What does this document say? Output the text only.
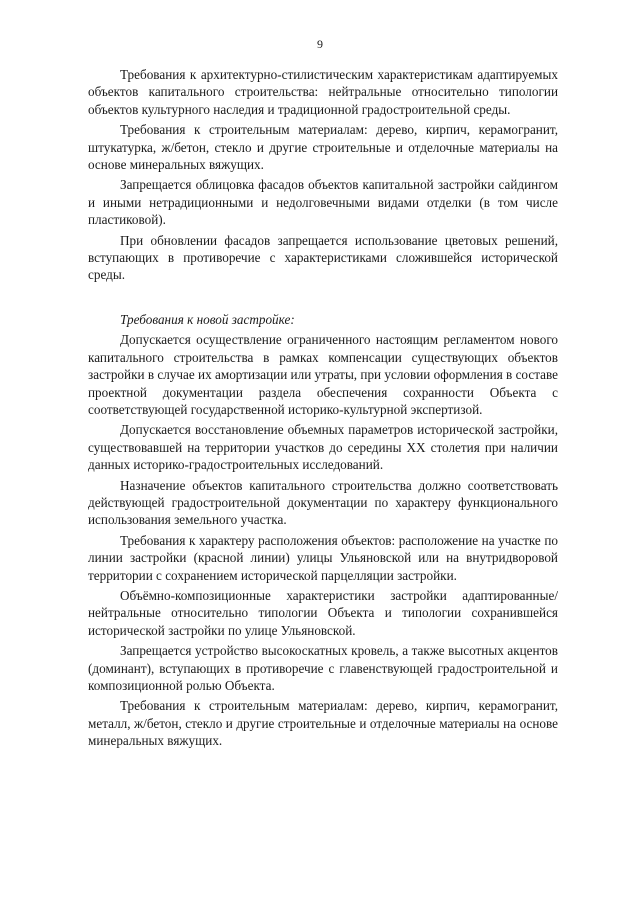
9

Требования к архитектурно-стилистическим характеристикам адаптируемых объектов капитального строительства: нейтральные относительно типологии объектов культурного наследия и традиционной градостроительной среды.

Требования к строительным материалам: дерево, кирпич, керамогранит, штукатурка, ж/бетон, стекло и другие строительные и отделочные материалы на основе минеральных вяжущих.

Запрещается облицовка фасадов объектов капитальной застройки сайдингом и иными нетрадиционными и недолговечными видами отделки (в том числе пластиковой).

При обновлении фасадов запрещается использование цветовых решений, вступающих в противоречие с характеристиками сложившейся исторической среды.

Требования к новой застройке:

Допускается осуществление ограниченного настоящим регламентом нового капитального строительства в рамках компенсации существующих объектов застройки в случае их амортизации или утраты, при условии оформления в составе проектной документации раздела обеспечения сохранности Объекта с соответствующей государственной историко-культурной экспертизой.

Допускается восстановление объемных параметров исторической застройки, существовавшей на территории участков до середины XX столетия при наличии данных историко-градостроительных исследований.

Назначение объектов капитального строительства должно соответствовать действующей градостроительной документации по характеру функционального использования земельного участка.

Требования к характеру расположения объектов: расположение на участке по линии застройки (красной линии) улицы Ульяновской или на внутридворовой территории с сохранением исторической парцелляции застройки.

Объёмно-композиционные характеристики застройки адаптированные/ нейтральные относительно типологии Объекта и типологии сохранившейся исторической застройки по улице Ульяновской.

Запрещается устройство высокоскатных кровель, а также высотных акцентов (доминант), вступающих в противоречие с главенствующей градостроительной и композиционной ролью Объекта.

Требования к строительным материалам: дерево, кирпич, керамогранит, металл, ж/бетон, стекло и другие строительные и отделочные материалы на основе минеральных вяжущих.
